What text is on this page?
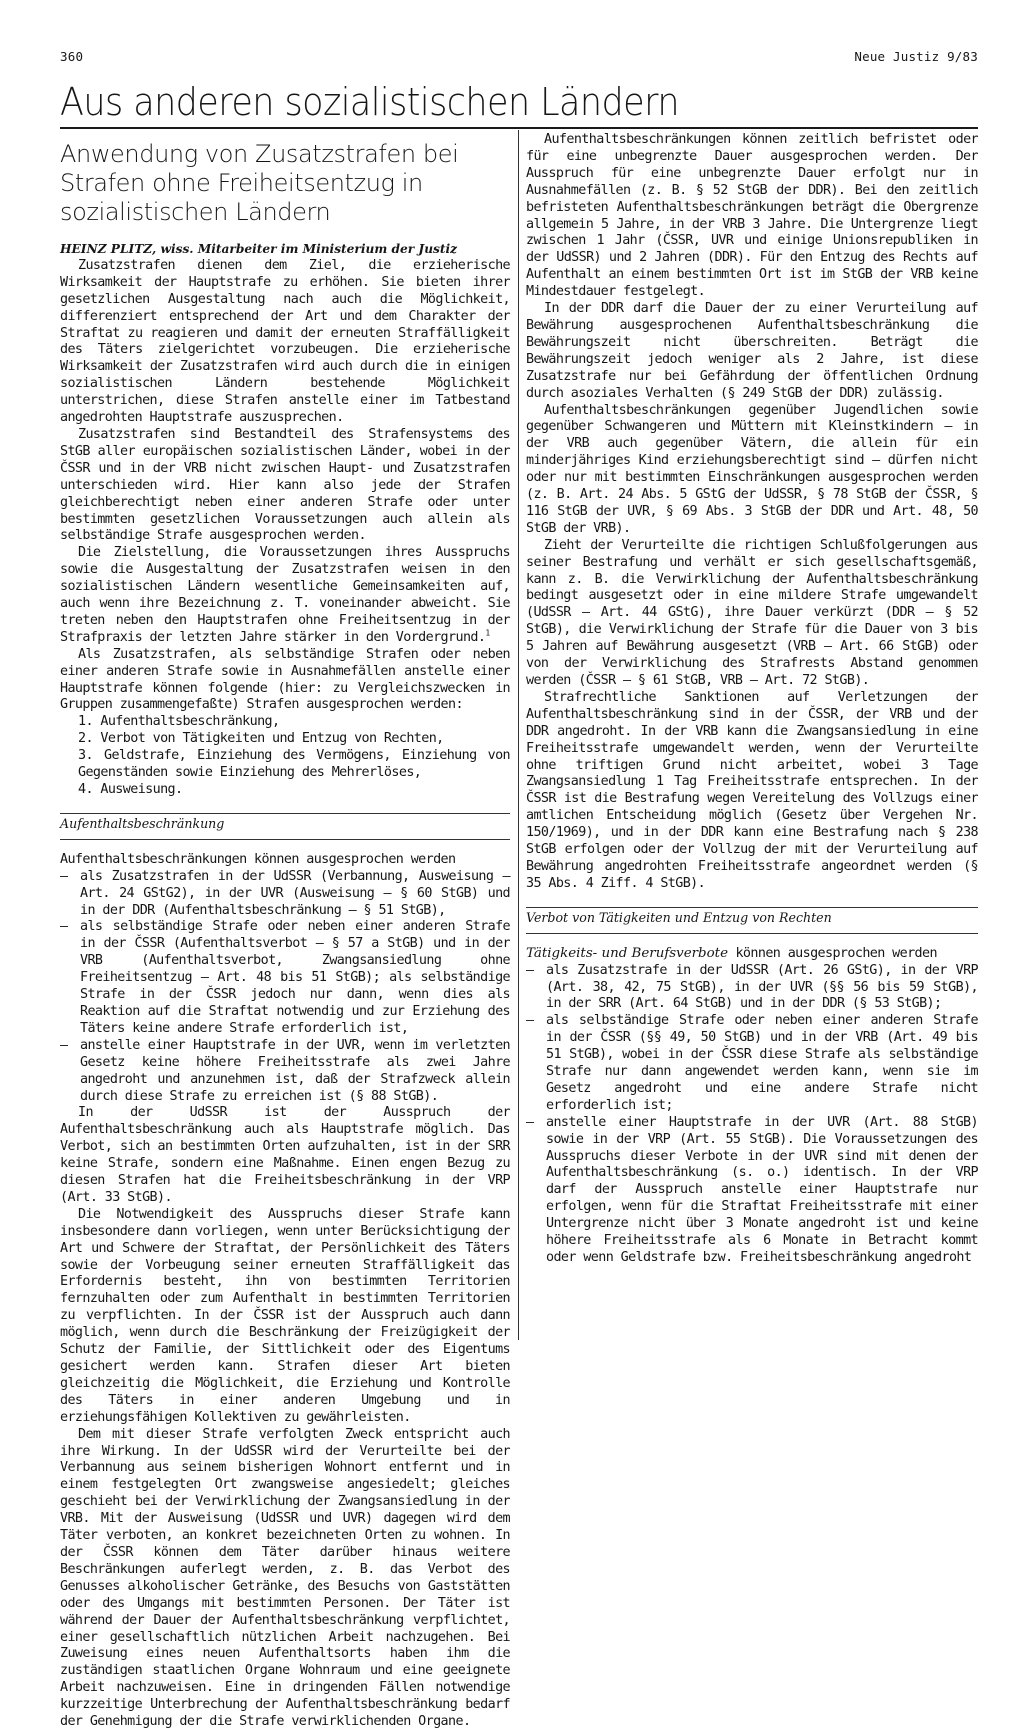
360	Neue Justiz 9/83
Aus anderen sozialistischen Ländern
Anwendung von Zusatzstrafen bei Strafen ohne Freiheitsentzug in sozialistischen Ländern

HEINZ PLITZ, wiss. Mitarbeiter im Ministerium der Justiz

Zusatzstrafen dienen dem Ziel, die erzieherische Wirksamkeit der Hauptstrafe zu erhöhen. Sie bieten ihrer gesetzlichen Ausgestaltung nach auch die Möglichkeit, differenziert entsprechend der Art und dem Charakter der Straftat zu reagieren und damit der erneuten Straffälligkeit des Täters zielgerichtet vorzubeugen. Die erzieherische Wirksamkeit der Zusatzstrafen wird auch durch die in einigen sozialistischen Ländern bestehende Möglichkeit unterstrichen, diese Strafen anstelle einer im Tatbestand angedrohten Hauptstrafe auszusprechen.

Zusatzstrafen sind Bestandteil des Strafensystems des StGB aller europäischen sozialistischen Länder, wobei in der ČSSR und in der VRB nicht zwischen Haupt- und Zusatzstrafen unterschieden wird. Hier kann also jede der Strafen gleichberechtigt neben einer anderen Strafe oder unter bestimmten gesetzlichen Voraussetzungen auch allein als selbständige Strafe ausgesprochen werden.

Die Zielstellung, die Voraussetzungen ihres Ausspruchs sowie die Ausgestaltung der Zusatzstrafen weisen in den sozialistischen Ländern wesentliche Gemeinsamkeiten auf, auch wenn ihre Bezeichnung z. T. voneinander abweicht. Sie treten neben den Hauptstrafen ohne Freiheitsentzug in der Strafpraxis der letzten Jahre stärker in den Vordergrund.$^1$

Als Zusatzstrafen, als selbständige Strafen oder neben einer anderen Strafe sowie in Ausnahmefällen anstelle einer Hauptstrafe können folgende (hier: zu Vergleichszwecken in Gruppen zusammengefaßte) Strafen ausgesprochen werden:

1. Aufenthaltsbeschränkung,

2. Verbot von Tätigkeiten und Entzug von Rechten,

3. Geldstrafe, Einziehung des Vermögens, Einziehung von Gegenständen sowie Einziehung des Mehrerlöses,

4. Ausweisung.

Aufenthaltsbeschränkung

Aufenthaltsbeschränkungen können ausgesprochen werden

— als Zusatzstrafen in der UdSSR (Verbannung, Ausweisung — Art. 24 GStG2), in der UVR (Ausweisung — § 60 StGB) und in der DDR (Aufenthaltsbeschränkung — § 51 StGB),

— als selbständige Strafe oder neben einer anderen Strafe in der ČSSR (Aufenthaltsverbot — § 57 a StGB) und in der VRB (Aufenthaltsverbot, Zwangsansiedlung ohne Freiheitsentzug — Art. 48 bis 51 StGB); als selbständige Strafe in der ČSSR jedoch nur dann, wenn dies als Reaktion auf die Straftat notwendig und zur Erziehung des Täters keine andere Strafe erforderlich ist,

— anstelle einer Hauptstrafe in der UVR, wenn im verletzten Gesetz keine höhere Freiheitsstrafe als zwei Jahre angedroht und anzunehmen ist, daß der Strafzweck allein durch diese Strafe zu erreichen ist (§ 88 StGB).

In der UdSSR ist der Ausspruch der Aufenthaltsbeschränkung auch als Hauptstrafe möglich. Das Verbot, sich an bestimmten Orten aufzuhalten, ist in der SRR keine Strafe, sondern eine Maßnahme. Einen engen Bezug zu diesen Strafen hat die Freiheitsbeschränkung in der VRP (Art. 33 StGB).

Die Notwendigkeit des Ausspruchs dieser Strafe kann insbesondere dann vorliegen, wenn unter Berücksichtigung der Art und Schwere der Straftat, der Persönlichkeit des Täters sowie der Vorbeugung seiner erneuten Straffälligkeit das Erfordernis besteht, ihn von bestimmten Territorien fernzuhalten oder zum Aufenthalt in bestimmten Territorien zu verpflichten. In der ČSSR ist der Ausspruch auch dann möglich, wenn durch die Beschränkung der Freizügigkeit der Schutz der Familie, der Sittlichkeit oder des Eigentums gesichert werden kann. Strafen dieser Art bieten gleichzeitig die Möglichkeit, die Erziehung und Kontrolle des Täters in einer anderen Umgebung und in erziehungsfähigen Kollektiven zu gewährleisten.

Dem mit dieser Strafe verfolgten Zweck entspricht auch ihre Wirkung. In der UdSSR wird der Verurteilte bei der Verbannung aus seinem bisherigen Wohnort entfernt und in einem festgelegten Ort zwangsweise angesiedelt; gleiches geschieht bei der Verwirklichung der Zwangsansiedlung in der VRB. Mit der Ausweisung (UdSSR und UVR) dagegen wird dem Täter verboten, an konkret bezeichneten Orten zu wohnen. In der ČSSR können dem Täter darüber hinaus weitere Beschränkungen auferlegt werden, z. B. das Verbot des Genusses alkoholischer Getränke, des Besuchs von Gaststätten oder des Umgangs mit bestimmten Personen. Der Täter ist während der Dauer der Aufenthaltsbeschränkung verpflichtet, einer gesellschaftlich nützlichen Arbeit nachzugehen. Bei Zuweisung eines neuen Aufenthaltsorts haben ihm die zuständigen staatlichen Organe Wohnraum und eine geeignete Arbeit nachzuweisen. Eine in dringenden Fällen notwendige kurzzeitige Unterbrechung der Aufenthaltsbeschränkung bedarf der Genehmigung der die Strafe verwirklichenden Organe.

Aufenthaltsbeschränkungen können zeitlich befristet oder für eine unbegrenzte Dauer ausgesprochen werden. Der Ausspruch für eine unbegrenzte Dauer erfolgt nur in Ausnahmefällen (z. B. § 52 StGB der DDR). Bei den zeitlich befristeten Aufenthaltsbeschränkungen beträgt die Obergrenze allgemein 5 Jahre, in der VRB 3 Jahre. Die Untergrenze liegt zwischen 1 Jahr (ČSSR, UVR und einige Unionsrepubliken in der UdSSR) und 2 Jahren (DDR). Für den Entzug des Rechts auf Aufenthalt an einem bestimmten Ort ist im StGB der VRB keine Mindestdauer festgelegt.

In der DDR darf die Dauer der zu einer Verurteilung auf Bewährung ausgesprochenen Aufenthaltsbeschränkung die Bewährungszeit nicht überschreiten. Beträgt die Bewährungszeit jedoch weniger als 2 Jahre, ist diese Zusatzstrafe nur bei Gefährdung der öffentlichen Ordnung durch asoziales Verhalten (§ 249 StGB der DDR) zulässig.

Aufenthaltsbeschränkungen gegenüber Jugendlichen sowie gegenüber Schwangeren und Müttern mit Kleinstkindern — in der VRB auch gegenüber Vätern, die allein für ein minderjähriges Kind erziehungsberechtigt sind — dürfen nicht oder nur mit bestimmten Einschränkungen ausgesprochen werden (z. B. Art. 24 Abs. 5 GStG der UdSSR, § 78 StGB der ČSSR, § 116 StGB der UVR, § 69 Abs. 3 StGB der DDR und Art. 48, 50 StGB der VRB).

Zieht der Verurteilte die richtigen Schlußfolgerungen aus seiner Bestrafung und verhält er sich gesellschaftsgemäß, kann z. B. die Verwirklichung der Aufenthaltsbeschränkung bedingt ausgesetzt oder in eine mildere Strafe umgewandelt (UdSSR — Art. 44 GStG), ihre Dauer verkürzt (DDR — § 52 StGB), die Verwirklichung der Strafe für die Dauer von 3 bis 5 Jahren auf Bewährung ausgesetzt (VRB — Art. 66 StGB) oder von der Verwirklichung des Strafrests Abstand genommen werden (ČSSR — § 61 StGB, VRB — Art. 72 StGB).

Strafrechtliche Sanktionen auf Verletzungen der Aufenthaltsbeschränkung sind in der ČSSR, der VRB und der DDR angedroht. In der VRB kann die Zwangsansiedlung in eine Freiheitsstrafe umgewandelt werden, wenn der Verurteilte ohne triftigen Grund nicht arbeitet, wobei 3 Tage Zwangsansiedlung 1 Tag Freiheitsstrafe entsprechen. In der ČSSR ist die Bestrafung wegen Vereitelung des Vollzugs einer amtlichen Entscheidung möglich (Gesetz über Vergehen Nr. 150/1969), und in der DDR kann eine Bestrafung nach § 238 StGB erfolgen oder der Vollzug der mit der Verurteilung auf Bewährung angedrohten Freiheitsstrafe angeordnet werden (§ 35 Abs. 4 Ziff. 4 StGB).

Verbot von Tätigkeiten und Entzug von Rechten

Tätigkeits- und Berufsverbote können ausgesprochen werden

— als Zusatzstrafe in der UdSSR (Art. 26 GStG), in der VRP (Art. 38, 42, 75 StGB), in der UVR (§§ 56 bis 59 StGB), in der SRR (Art. 64 StGB) und in der DDR (§ 53 StGB);

— als selbständige Strafe oder neben einer anderen Strafe in der ČSSR (§§ 49, 50 StGB) und in der VRB (Art. 49 bis 51 StGB), wobei in der ČSSR diese Strafe als selbständige Strafe nur dann angewendet werden kann, wenn sie im Gesetz angedroht und eine andere Strafe nicht erforderlich ist;

— anstelle einer Hauptstrafe in der UVR (Art. 88 StGB) sowie in der VRP (Art. 55 StGB). Die Voraussetzungen des Ausspruchs dieser Verbote in der UVR sind mit denen der Aufenthaltsbeschränkung (s. o.) identisch. In der VRP darf der Ausspruch anstelle einer Hauptstrafe nur erfolgen, wenn für die Straftat Freiheitsstrafe mit einer Untergrenze nicht über 3 Monate angedroht ist und keine höhere Freiheitsstrafe als 6 Monate in Betracht kommt oder wenn Geldstrafe bzw. Freiheitsbeschränkung angedroht
